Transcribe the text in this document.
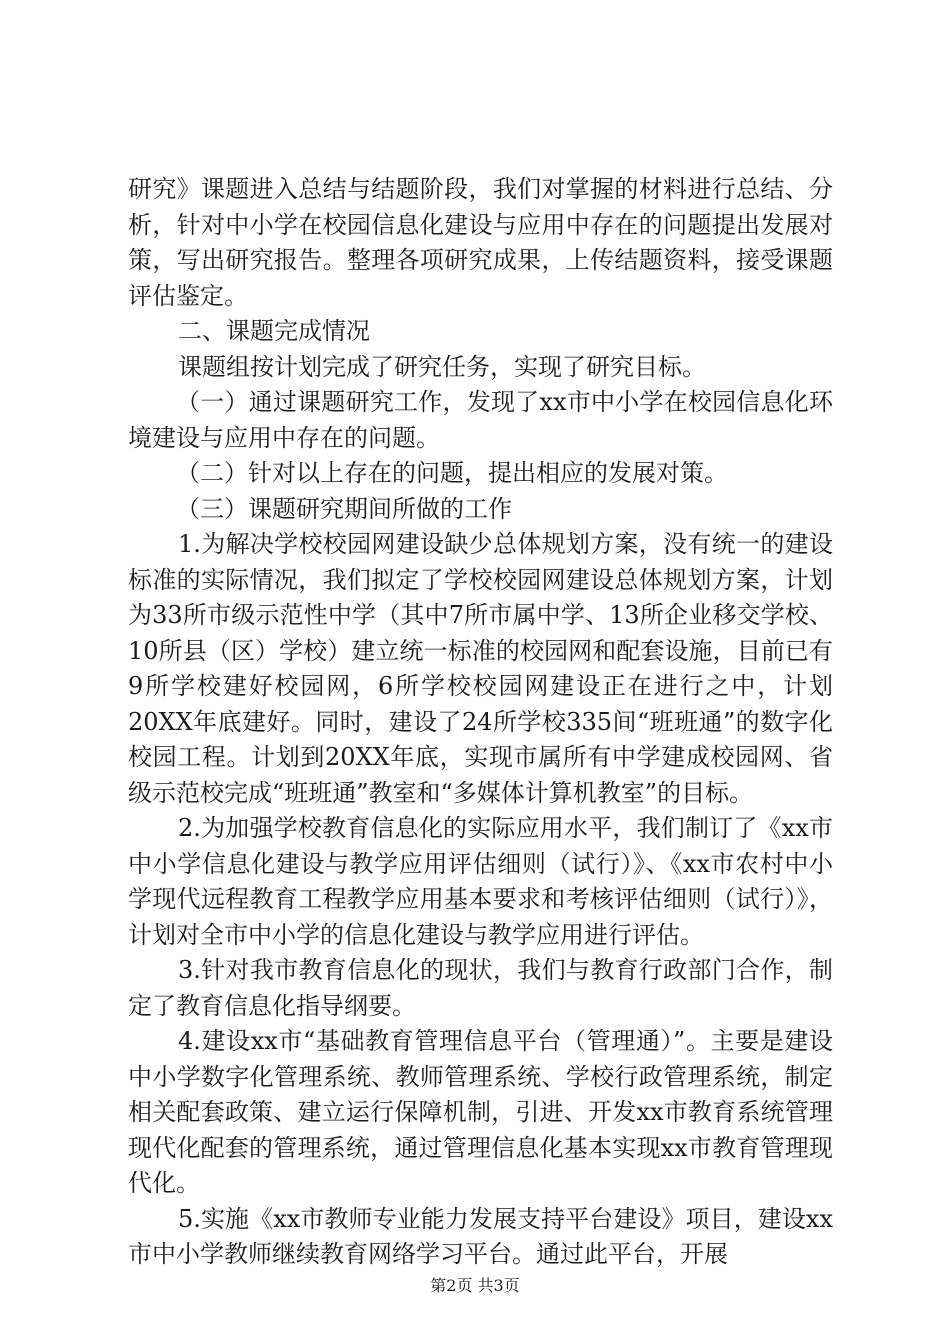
研究》课题进入总结与结题阶段，我们对掌握的材料进行总结、分析，针对中小学在校园信息化建设与应用中存在的问题提出发展对策，写出研究报告。整理各项研究成果，上传结题资料，接受课题评估鉴定。

二、课题完成情况

课题组按计划完成了研究任务，实现了研究目标。

（一）通过课题研究工作，发现了xx市中小学在校园信息化环境建设与应用中存在的问题。

（二）针对以上存在的问题，提出相应的发展对策。

（三）课题研究期间所做的工作

1.为解决学校校园网建设缺少总体规划方案，没有统一的建设标准的实际情况，我们拟定了学校校园网建设总体规划方案，计划为33所市级示范性中学（其中7所市属中学、13所企业移交学校、10所县（区）学校）建立统一标准的校园网和配套设施，目前已有9所学校建好校园网，6所学校校园网建设正在进行之中，计划20XX年底建好。同时，建设了24所学校335间“班班通”的数字化校园工程。计划到20XX年底，实现市属所有中学建成校园网、省级示范校完成“班班通”教室和“多媒体计算机教室”的目标。

2.为加强学校教育信息化的实际应用水平，我们制订了《xx市中小学信息化建设与教学应用评估细则（试行）》、《xx市农村中小学现代远程教育工程教学应用基本要求和考核评估细则（试行）》，计划对全市中小学的信息化建设与教学应用进行评估。

3.针对我市教育信息化的现状，我们与教育行政部门合作，制定了教育信息化指导纲要。

4.建设xx市“基础教育管理信息平台（管理通）”。主要是建设中小学数字化管理系统、教师管理系统、学校行政管理系统，制定相关配套政策、建立运行保障机制，引进、开发xx市教育系统管理现代化配套的管理系统，通过管理信息化基本实现xx市教育管理现代化。

5.实施《xx市教师专业能力发展支持平台建设》项目，建设xx市中小学教师继续教育网络学习平台。通过此平台，开展

第2页 共3页
